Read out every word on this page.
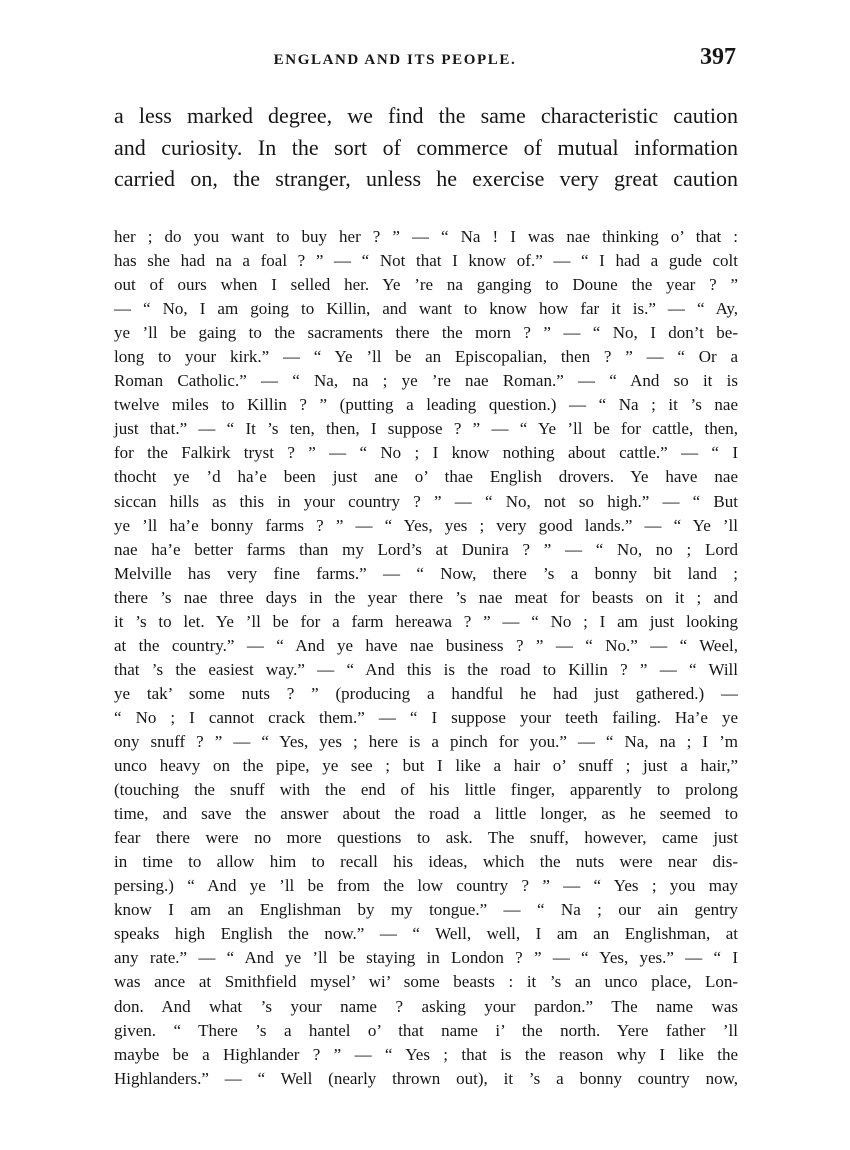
ENGLAND AND ITS PEOPLE.	397
a less marked degree, we find the same characteristic caution
and curiosity. In the sort of commerce of mutual information
carried on, the stranger, unless he exercise very great caution
her ; do you want to buy her ? ” — “ Na ! I was nae thinking o’ that :
has she had na a foal ? ” — “ Not that I know of.” — “ I had a gude colt
out of ours when I selled her. Ye ’re na ganging to Doune the year ? ”
— “ No, I am going to Killin, and want to know how far it is.” — “ Ay,
ye ’ll be gaing to the sacraments there the morn ? ” — “ No, I don’t be-
long to your kirk.” — “ Ye ’ll be an Episcopalian, then ? ” — “ Or a
Roman Catholic.” — “ Na, na ; ye ’re nae Roman.” — “ And so it is
twelve miles to Killin ? ” (putting a leading question.) — “ Na ; it ’s nae
just that.” — “ It ’s ten, then, I suppose ? ” — “ Ye ’ll be for cattle, then,
for the Falkirk tryst ? ” — “ No ; I know nothing about cattle.” — “ I
thocht ye ’d ha’e been just ane o’ thae English drovers. Ye have nae
siccan hills as this in your country ? ” — “ No, not so high.” — “ But
ye ’ll ha’e bonny farms ? ” — “ Yes, yes ; very good lands.” — “ Ye ’ll
nae ha’e better farms than my Lord’s at Dunira ? ” — “ No, no ; Lord
Melville has very fine farms.” — “ Now, there ’s a bonny bit land ;
there ’s nae three days in the year there ’s nae meat for beasts on it ; and
it ’s to let. Ye ’ll be for a farm hereawa ? ” — “ No ; I am just looking
at the country.” — “ And ye have nae business ? ” — “ No.” — “ Weel,
that ’s the easiest way.” — “ And this is the road to Killin ? ” — “ Will
ye tak’ some nuts ? ” (producing a handful he had just gathered.) —
“ No ; I cannot crack them.” — “ I suppose your teeth failing. Ha’e ye
ony snuff ? ” — “ Yes, yes ; here is a pinch for you.” — “ Na, na ; I ’m
unco heavy on the pipe, ye see ; but I like a hair o’ snuff ; just a hair,”
(touching the snuff with the end of his little finger, apparently to prolong
time, and save the answer about the road a little longer, as he seemed to
fear there were no more questions to ask. The snuff, however, came just
in time to allow him to recall his ideas, which the nuts were near dis-
persing.) “ And ye ’ll be from the low country ? ” — “ Yes ; you may
know I am an Englishman by my tongue.” — “ Na ; our ain gentry
speaks high English the now.” — “ Well, well, I am an Englishman, at
any rate.” — “ And ye ’ll be staying in London ? ” — “ Yes, yes.” — “ I
was ance at Smithfield mysel’ wi’ some beasts : it ’s an unco place, Lon-
don. And what ’s your name ? asking your pardon.” The name was
given. “ There ’s a hantel o’ that name i’ the north. Yere father ’ll
maybe be a Highlander ? ” — “ Yes ; that is the reason why I like the
Highlanders.” — “ Well (nearly thrown out), it ’s a bonny country now,
